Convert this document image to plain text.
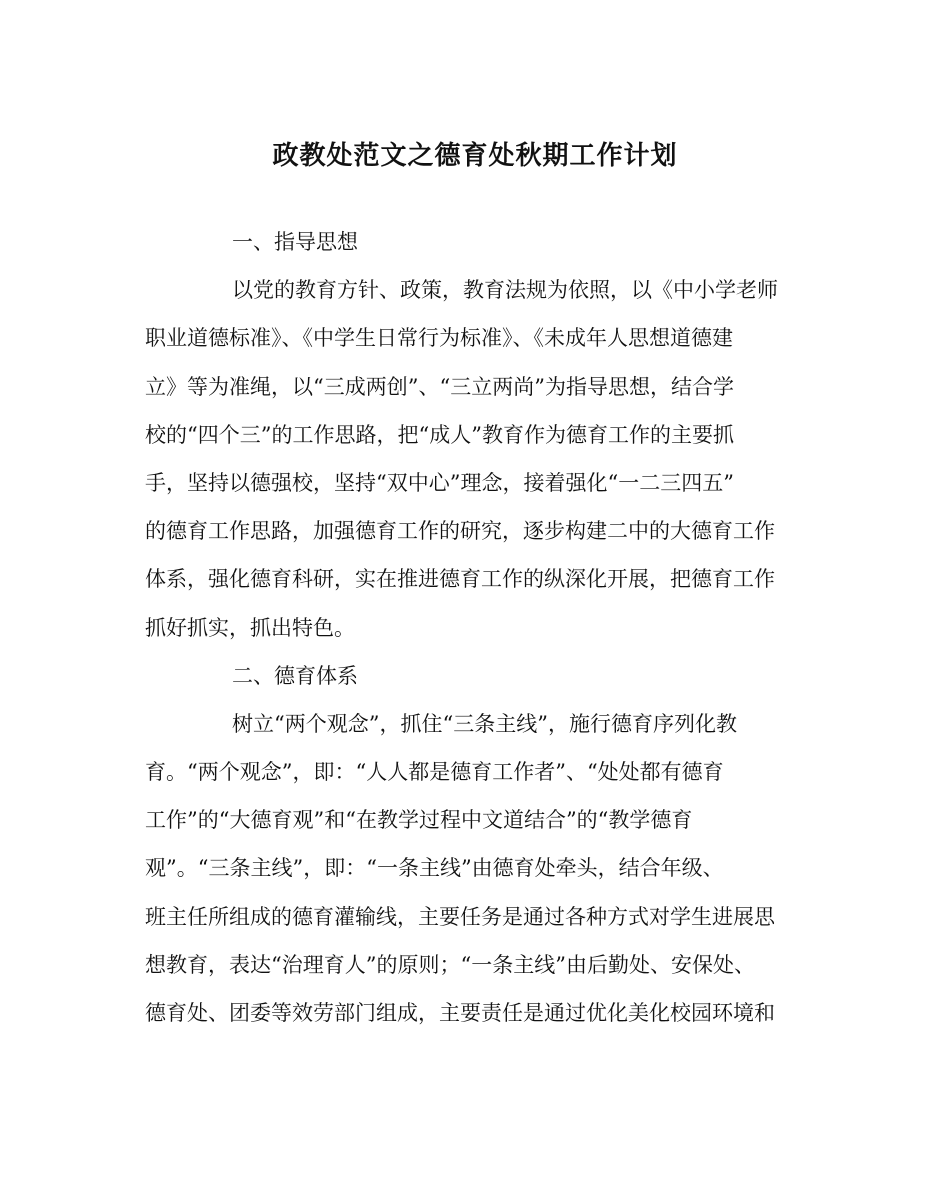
政教处范文之德育处秋期工作计划
一、指导思想
以党的教育方针、政策，教育法规为依照，以《中小学老师
职业道德标准》、《中学生日常行为标准》、《未成年人思想道德建
立》等为准绳，以“三成两创”、“三立两尚”为指导思想，结合学
校的“四个三”的工作思路，把“成人”教育作为德育工作的主要抓
手，坚持以德强校，坚持“双中心”理念，接着强化“一二三四五”
的德育工作思路，加强德育工作的研究，逐步构建二中的大德育工作
体系，强化德育科研，实在推进德育工作的纵深化开展，把德育工作
抓好抓实，抓出特色。
二、德育体系
树立“两个观念”，抓住“三条主线”，施行德育序列化教
育。“两个观念”，即：“人人都是德育工作者”、“处处都有德育
工作”的“大德育观”和“在教学过程中文道结合”的“教学德育
观”。“三条主线”，即：“一条主线”由德育处牵头，结合年级、
班主任所组成的德育灌输线，主要任务是通过各种方式对学生进展思
想教育，表达“治理育人”的原则；“一条主线”由后勤处、安保处、
德育处、团委等效劳部门组成，主要责任是通过优化美化校园环境和
